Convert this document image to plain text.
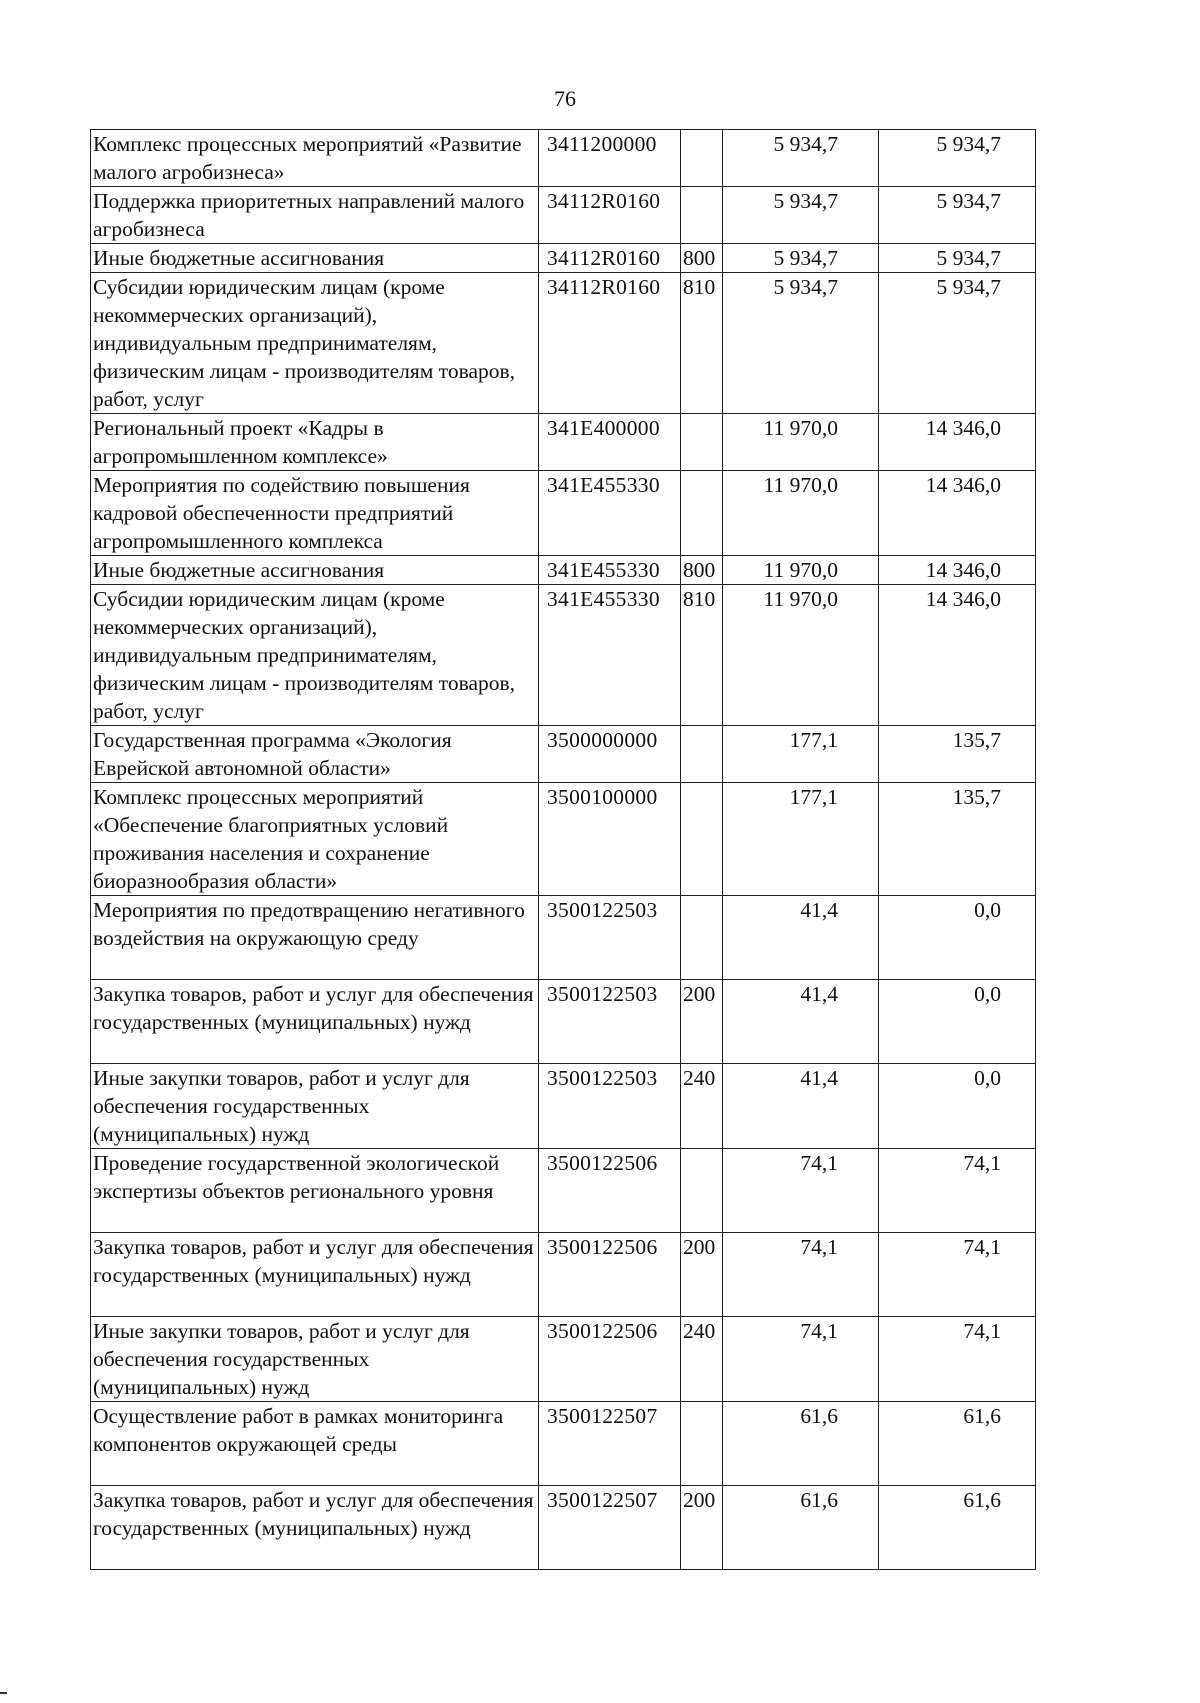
76
Комплекс процессных мероприятий «Развитие малого агробизнеса»	3411200000		5 934,7	5 934,7
Поддержка приоритетных направлений малого агробизнеса	34112R0160		5 934,7	5 934,7
Иные бюджетные ассигнования	34112R0160	800	5 934,7	5 934,7
Субсидии юридическим лицам (кроме некоммерческих организаций), индивидуальным предпринимателям, физическим лицам - производителям товаров, работ, услуг	34112R0160	810	5 934,7	5 934,7
Региональный проект «Кадры в агропромышленном комплексе»	341E400000		11 970,0	14 346,0
Мероприятия по содействию повышения кадровой обеспеченности предприятий агропромышленного комплекса	341E455330		11 970,0	14 346,0
Иные бюджетные ассигнования	341E455330	800	11 970,0	14 346,0
Субсидии юридическим лицам (кроме некоммерческих организаций), индивидуальным предпринимателям, физическим лицам - производителям товаров, работ, услуг	341E455330	810	11 970,0	14 346,0
Государственная программа «Экология Еврейской автономной области»	3500000000		177,1	135,7
Комплекс процессных мероприятий «Обеспечение благоприятных условий проживания населения и сохранение биоразнообразия области»	3500100000		177,1	135,7
Мероприятия по предотвращению негативного воздействия на окружающую среду	3500122503		41,4	0,0
Закупка товаров, работ и услуг для обеспечения государственных (муниципальных) нужд	3500122503	200	41,4	0,0
Иные закупки товаров, работ и услуг для обеспечения государственных (муниципальных) нужд	3500122503	240	41,4	0,0
Проведение государственной экологической экспертизы объектов регионального уровня	3500122506		74,1	74,1
Закупка товаров, работ и услуг для обеспечения государственных (муниципальных) нужд	3500122506	200	74,1	74,1
Иные закупки товаров, работ и услуг для обеспечения государственных (муниципальных) нужд	3500122506	240	74,1	74,1
Осуществление работ в рамках мониторинга компонентов окружающей среды	3500122507		61,6	61,6
Закупка товаров, работ и услуг для обеспечения государственных (муниципальных) нужд	3500122507	200	61,6	61,6
